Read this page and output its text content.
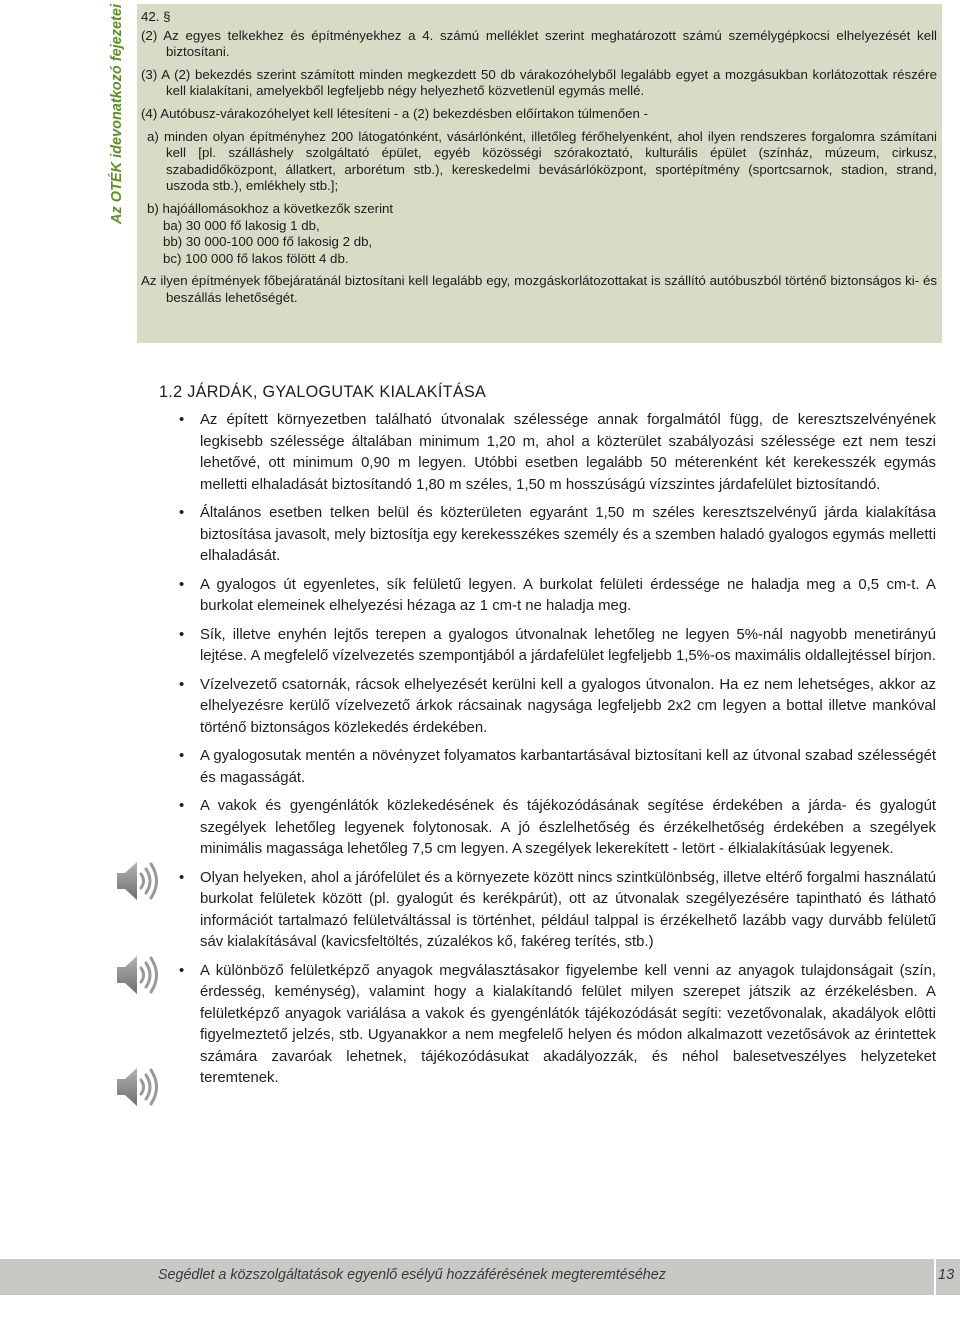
Az OTÉK idevonatkozó fejezetei 42. §

(2) Az egyes telkekhez és építményekhez a 4. számú melléklet szerint meghatározott számú személygépkocsi elhelyezését kell biztosítani.

(3) A (2) bekezdés szerint számított minden megkezdett 50 db várakozóhelyből legalább egyet a mozgásukban korlátozottak részére kell kialakítani, amelyekből legfeljebb négy helyezhető közvetlenül egymás mellé.

(4) Autóbusz-várakozóhelyet kell létesíteni - a (2) bekezdésben előírtakon túlmenően -

a) minden olyan építményhez 200 látogatónként, vásárlónként, illetőleg férőhelyenként, ahol ilyen rendszeres forgalomra számítani kell [pl. szálláshely szolgáltató épület, egyéb közösségi szórakoztató, kulturális épület (színház, múzeum, cirkusz, szabadidőközpont, állatkert, arborétum stb.), kereskedelmi bevásárlóközpont, sportépítmény (sportcsarnok, stadion, strand, uszoda stb.), emlékhely stb.];

b) hajóállomásokhoz a következők szerint

ba) 30 000 fő lakosig 1 db,

bb) 30 000-100 000 fő lakosig 2 db,

bc) 100 000 fő lakos fölött 4 db.

Az ilyen építmények főbejáratánál biztosítani kell legalább egy, mozgáskorlátozottakat is szállító autóbuszból történő biztonságos ki- és beszállás lehetőségét.

1.2 JÁRDÁK, GYALOGUTAK KIALAKÍTÁSA
• Az épített környezetben található útvonalak szélessége annak forgalmától függ, de keresztszelvényének legkisebb szélessége általában minimum 1,20 m, ahol a közterület szabályozási szélessége ezt nem teszi lehetővé, ott minimum 0,90 m legyen. Utóbbi esetben legalább 50 méterenként két kerekesszék egymás melletti elhaladását biztosítandó 1,80 m széles, 1,50 m hosszúságú vízszintes járdafelület biztosítandó.
• Általános esetben telken belül és közterületen egyaránt 1,50 m széles keresztszelvényű járda kialakítása biztosítása javasolt, mely biztosítja egy kerekesszékes személy és a szemben haladó gyalogos egymás melletti elhaladását.
• A gyalogos út egyenletes, sík felületű legyen. A burkolat felületi érdessége ne haladja meg a 0,5 cm-t. A burkolat elemeinek elhelyezési hézaga az 1 cm-t ne haladja meg.
• Sík, illetve enyhén lejtős terepen a gyalogos útvonalnak lehetőleg ne legyen 5%-nál nagyobb menetirányú lejtése. A megfelelő vízelvezetés szempontjából a járdafelület legfeljebb 1,5%-os maximális oldallejtéssel bírjon.
• Vízelvezető csatornák, rácsok elhelyezését kerülni kell a gyalogos útvonalon. Ha ez nem lehetséges, akkor az elhelyezésre kerülő vízelvezető árkok rácsainak nagysága legfeljebb 2x2 cm legyen a bottal illetve mankóval történő biztonságos közlekedés érdekében.
• A gyalogosutak mentén a növényzet folyamatos karbantartásával biztosítani kell az útvonal szabad szélességét és magasságát.
• A vakok és gyengénlátók közlekedésének és tájékozódásának segítése érdekében a járda- és gyalogút szegélyek lehetőleg legyenek folytonosak. A jó észlelhetőség és érzékelhetőség érdekében a szegélyek minimális magassága lehetőleg 7,5 cm legyen. A szegélyek lekerekített - letört - élkialakításúak legyenek.
• Olyan helyeken, ahol a járófelület és a környezete között nincs szintkülönbség, illetve eltérő forgalmi használatú burkolat felületek között (pl. gyalogút és kerékpárút), ott az útvonalak szegélyezésére tapintható és látható információt tartalmazó felületváltással is történhet, például talppal is érzékelhető lazább vagy durvább felületű sáv kialakításával (kavicsfeltöltés, zúzalékos kő, fakéreg terítés, stb.)
• A különböző felületképző anyagok megválasztásakor figyelembe kell venni az anyagok tulajdonságait (szín, érdesség, keménység), valamint hogy a kialakítandó felület milyen szerepet játszik az érzékelésben. A felületképző anyagok variálása a vakok és gyengénlátók tájékozódását segíti: vezetővonalak, akadályok elôtti figyelmeztető jelzés, stb. Ugyanakkor a nem megfelelő helyen és módon alkalmazott vezetősávok az érintettek számára zavaróak lehetnek, tájékozódásukat akadályozzák, és néhol balesetveszélyes helyzeteket teremtenek.
Segédlet a közszolgáltatások egyenlő esélyű hozzáférésének megteremtéséhez	13
